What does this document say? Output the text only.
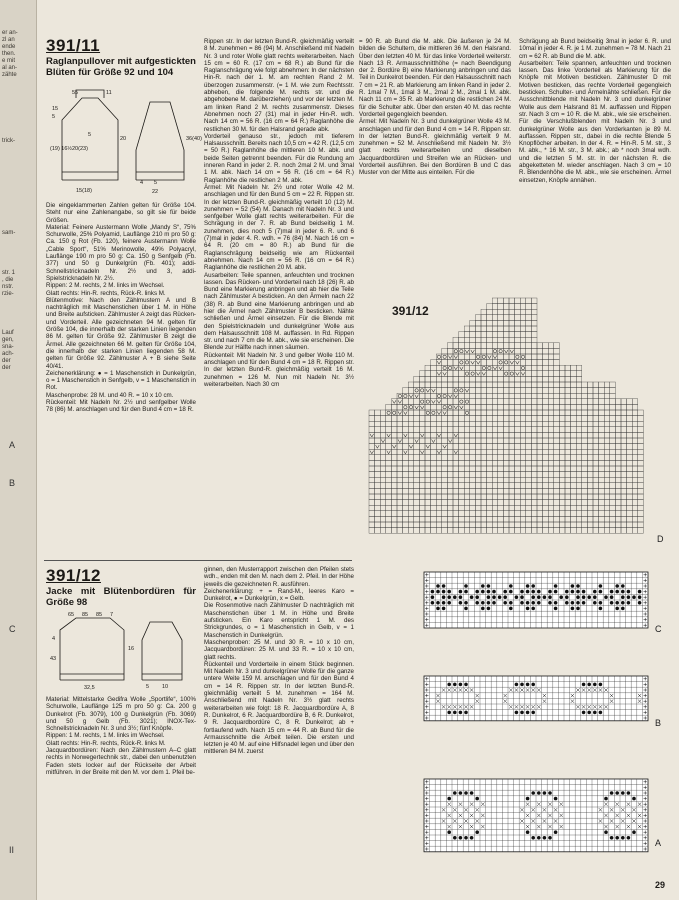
er an-
zl an
ende
then.
e mit
al an-
zähte
trick-
sam-
str. 1
, die
nstr.
rzie-
Lauf
gen,
sna-
ach-
der
der
A
B
C
II
391/11
Raglanpullover mit aufgestickten Blüten für Größe 92 und 104
55	11
15
5
20
5
(19) 16½ 20(23)
36(40)
15(18)
4 5
22
Die eingeklammerten Zahlen gelten für Größe 104. Steht nur eine Zahlenangabe, so gilt sie für beide Größen.
Material: Feinere Austermann Wolle „Mandy S“, 75% Schurwolle, 25% Polyamid, Lauflänge 210 m pro 50 g: Ca. 150 g Rot (Fb. 120), feinere Austermann Wolle „Cable Sport“, 51% Merinowolle, 49% Polyacryl, Lauflänge 190 m pro 50 g: Ca. 150 g Senfgelb (Fb. 377) und 50 g Dunkelgrün (Fb. 401); addi-Schnellstricknadeln Nr. 2½ und 3, addi-Spielstricknadeln Nr. 2½.
Rippen: 2 M. rechts, 2 M. links im Wechsel.
Glatt rechts: Hin-R. rechts, Rück-R. links M.
Blütenmotive: Nach den Zählmustern A und B nachträglich mit Maschenstichen über 1 M. in Höhe und Breite aufsticken. Zählmuster A zeigt das Rücken- und Vorderteil. Alle gezeichneten 94 M. gelten für Größe 104, die innerhalb der starken Linien liegenden 86 M. gelten für Größe 92. Zählmuster B zeigt die Ärmel. Alle gezeichneten 66 M. gelten für Größe 104, die innerhalb der starken Linien liegenden 58 M. gelten für Größe 92. Zählmuster A + B siehe Seite 40/41.
Zeichenerklärung: ● = 1 Maschenstich in Dunkelgrün, o = 1 Maschenstich in Senfgelb, v = 1 Maschenstich in Rot.
Maschenprobe: 28 M. und 40 R. = 10 x 10 cm.
Rückenteil: Mit Nadeln Nr. 2½ und senfgelber Wolle 78 (86) M. anschlagen und für den Bund 4 cm = 18 R.
Rippen str. In der letzten Bund-R. gleichmäßig verteilt 8 M. zunehmen = 86 (94) M. Anschließend mit Nadeln Nr. 3 und roter Wolle glatt rechts weiterarbeiten. Nach 15 cm = 60 R. (17 cm = 68 R.) ab Bund für die Raglanschrägung wie folgt abnehmen: In der nächsten Hin-R. nach der 1. M. am rechten Rand 2 M. überzogen zusammenstr. (= 1 M. wie zum Rechtsstr. abheben, die folgende M. rechts str. und die abgehobene M. darüberziehen) und vor der letzten M. am linken Rand 2 M. rechts zusammenstr. Dieses Abnehmen noch 27 (31) mal in jeder Hin-R. wdh. Nach 14 cm = 56 R. (16 cm = 64 R.) Raglanhöhe die restlichen 30 M. für den Halsrand gerade abk.
Vorderteil genauso str., jedoch mit tieferem Halsausschnitt. Bereits nach 10,5 cm = 42 R. (12,5 cm = 50 R.) Raglanhöhe die mittleren 10 M. abk. und beide Seiten getrennt beenden. Für die Rundung am inneren Rand in jeder 2. R. noch 2mal 2 M. und 3mal 1 M. abk. Nach 14 cm = 56 R. (16 cm = 64 R.) Raglanhöhe die restlichen 2 M. abk.
Ärmel: Mit Nadeln Nr. 2½ und roter Wolle 42 M. anschlagen und für den Bund 5 cm = 22 R. Rippen str. In der letzten Bund-R. gleichmäßig verteilt 10 (12) M. zunehmen = 52 (54) M. Danach mit Nadeln Nr. 3 und senfgelber Wolle glatt rechts weiterarbeiten. Für die Schrägung in der 7. R. ab Bund beidseitig 1 M. zunehmen, dies noch 5 (7)mal in jeder 6. R. und 6 (7)mal in jeder 4. R. wdh. = 76 (84) M. Nach 16 cm = 64 R. (20 cm = 80 R.) ab Bund für die Raglanschrägung beidseitig wie am Rückenteil abnehmen. Nach 14 cm = 56 R. (16 cm = 64 R.) Raglanhöhe die restlichen 20 M. abk.
Ausarbeiten: Teile spannen, anfeuchten und trocknen lassen. Das Rücken- und Vorderteil nach 18 (26) R. ab Bund eine Markierung anbringen und ab hier die Teile nach Zählmuster A besticken. An den Ärmeln nach 22 (38) R. ab Bund eine Markierung anbringen und ab hier die Ärmel nach Zählmuster B besticken. Nähte schließen und Ärmel einsetzen. Für die Blende mit den Spielstricknadeln und dunkelgrüner Wolle aus dem Halsausschnitt 108 M. auffassen. In Rd. Rippen str. und nach 7 cm die M. abk., wie sie erscheinen. Die Blende zur Hälfte nach innen säumen.
Rückenteil: Mit Nadeln Nr. 3 und gelber Wolle 110 M. anschlagen und für den Bund 4 cm = 18 R. Rippen str. In der letzten Bund-R. gleichmäßig verteilt 16 M. zunehmen = 126 M. Nun mit Nadeln Nr. 3½ weiterarbeiten. Nach 30 cm
= 90 R. ab Bund die M. abk. Die äußeren je 24 M. bilden die Schultern, die mittleren 36 M. den Halsrand. Über den letzten 40 M. für das linke Vorderteil weiterstr. Nach 13 R. Armausschnitthöhe (= nach Beendigung der 2. Bordüre B) eine Markierung anbringen und das Teil in Dunkelrot beenden. Für den Halsausschnitt nach 7 cm = 21 R. ab Markierung am linken Rand in jeder 2. R. 1mal 7 M., 1mal 3 M., 2mal 2 M., 2mal 1 M. abk. Nach 11 cm = 35 R. ab Markierung die restlichen 24 M. für die Schulter abk. Über den ersten 40 M. das rechte Vorderteil gegengleich beenden.
Ärmel: Mit Nadeln Nr. 3 und dunkelgrüner Wolle 43 M. anschlagen und für den Bund 4 cm = 14 R. Rippen str. In der letzten Bund-R. gleichmäßig verteilt 9 M. zunehmen = 52 M. Anschließend mit Nadeln Nr. 3½ glatt rechts weiterarbeiten und dieselben Jacquardbordüren und Streifen wie an Rücken- und Vorderteil ausführen. Bei den Bordüren B und C das Muster von der Mitte aus einteilen. Für die
Schrägung ab Bund beidseitig 3mal in jeder 6. R. und 10mal in jeder 4. R. je 1 M. zunehmen = 78 M. Nach 21 cm = 62 R. ab Bund die M. abk.
Ausarbeiten: Teile spannen, anfeuchten und trocknen lassen. Das linke Vorderteil als Markierung für die Knöpfe mit Motiven besticken. Zählmuster D mit Motiven besticken, das rechte Vorderteil gegengleich besticken. Schulter- und Ärmelnähte schließen. Für die Ausschnittblende mit Nadeln Nr. 3 und dunkelgrüner Wolle aus dem Halsrand 81 M. auffassen und Rippen str. Nach 3 cm = 10 R. die M. abk., wie sie erscheinen. Für die Verschlußblenden mit Nadeln Nr. 3 und dunkelgrüner Wolle aus den Vorderkanten je 89 M. auffassen. Rippen str., dabei in die rechte Blende 5 Knopflöcher arbeiten. In der 4. R. = Hin-R. 5 M. str., 3 M. abk., * 16 M. str., 3 M. abk.; ab * noch 3mal wdh. und die letzten 5 M. str. In der nächsten R. die abgeketteten M. wieder anschlagen. Nach 3 cm = 10 R. Blendenhöhe die M. abk., wie sie erscheinen. Ärmel einsetzen, Knöpfe annähen.
391/12
Jacke mit Blütenbordüren für Größe 98
65 85 85 7
4
43
16
32,5	5 10
Material: Mittelstarke Gedifra Wolle „Sportlife“, 100% Schurwolle, Lauflänge 125 m pro 50 g: Ca. 200 g Dunkelrot (Fb. 3079), 100 g Dunkelgrün (Fb. 3069) und 50 g Gelb (Fb. 3021); INOX-Tex-Schnellstricknadeln Nr. 3 und 3½; fünf Knöpfe.
Rippen: 1 M. rechts, 1 M. links im Wechsel.
Glatt rechts: Hin-R. rechts, Rück-R. links M.
Jacquardbordüren: Nach den Zählmustern A–C glatt rechts in Norwegertechnik str., dabei den unbenutzten Faden stets locker auf der Rückseite der Arbeit mitführen. In der Breite mit den M. vor dem 1. Pfeil be-
ginnen, den Musterrapport zwischen den Pfeilen stets wdh., enden mit den M. nach dem 2. Pfeil. In der Höhe jeweils die gezeichneten R. ausführen.
Zeichenerklärung: + = Rand-M., leeres Karo = Dunkelrot, ● = Dunkelgrün, x = Gelb.
Die Rosenmotive nach Zählmuster D nachträglich mit Maschenstichen über 1 M. in Höhe und Breite aufsticken. Ein Karo entspricht 1 M. des Strickgrundes, o = 1 Maschenstich in Gelb, v = 1 Maschenstich in Dunkelgrün.
Maschenproben: 25 M. und 30 R. = 10 x 10 cm, Jacquardbordüren: 25 M. und 33 R. = 10 x 10 cm, glatt rechts.
Rückenteil und Vorderteile in einem Stück beginnen. Mit Nadeln Nr. 3 und dunkelgrüner Wolle für die ganze untere Weite 159 M. anschlagen und für den Bund 4 cm = 14 R. Rippen str. In der letzten Bund-R. gleichmäßig verteilt 5 M. zunehmen = 164 M. Anschließend mit Nadeln Nr. 3½ glatt rechts weiterarbeiten wie folgt: 18 R. Jacquardbordüre A, 8 R. Dunkelrot, 6 R. Jacquardbordüre B, 6 R. Dunkelrot, 9 R. Jacquardbordüre C, 8 R. Dunkelrot; ab + fortlaufend wdh. Nach 15 cm = 44 R. ab Bund für die Armausschnitte die Arbeit teilen. Die ersten und letzten je 40 M. auf eine Hilfsnadel legen und über den mittleren 84 M. zuerst
391/12
D
C
B
A
29
